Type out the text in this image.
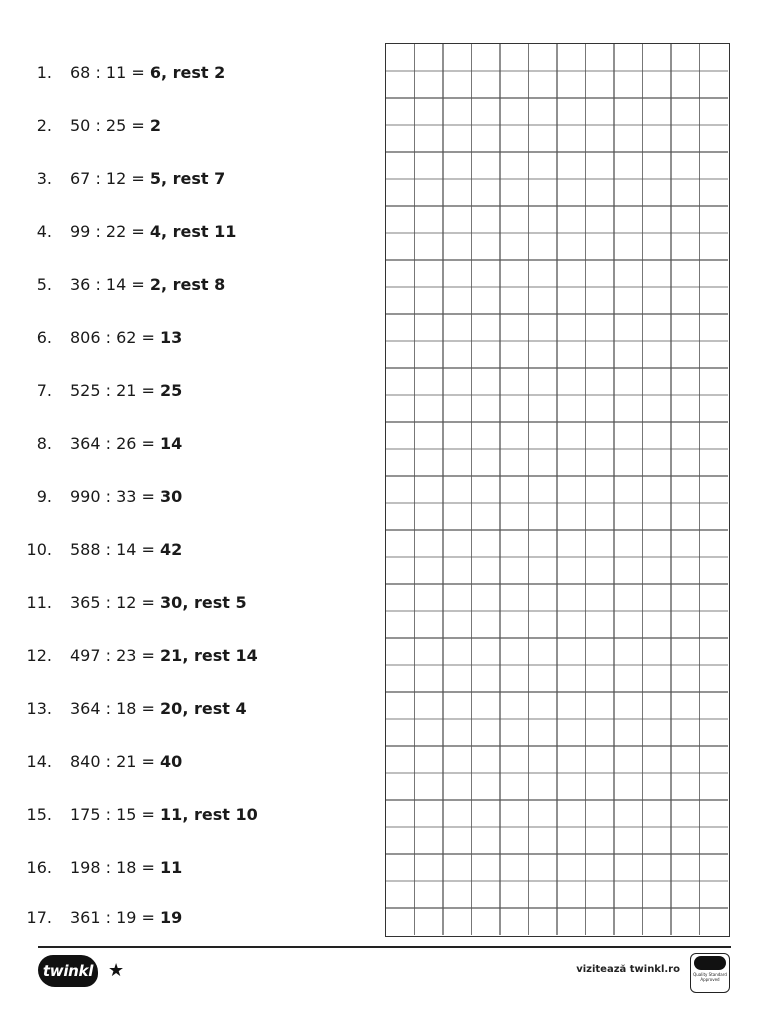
1.	68 : 11 = 6, rest 2
2.	50 : 25 = 2
3.	67 : 12 = 5, rest 7
4.	99 : 22 = 4, rest 11
5.	36 : 14 = 2, rest 8
6.	806 : 62 = 13
7.	525 : 21 = 25
8.	364 : 26 = 14
9.	990 : 33 = 30
10.	588 : 14 = 42
11.	365 : 12 = 30, rest 5
12.	497 : 23 = 21, rest 14
13.	364 : 18 = 20, rest 4
14.	840 : 21 = 40
15.	175 : 15 = 11, rest 10
16.	198 : 18 = 11
17.	361 : 19 = 19
twinkl ★	vizitează twinkl.ro	Quality Standard Approved
